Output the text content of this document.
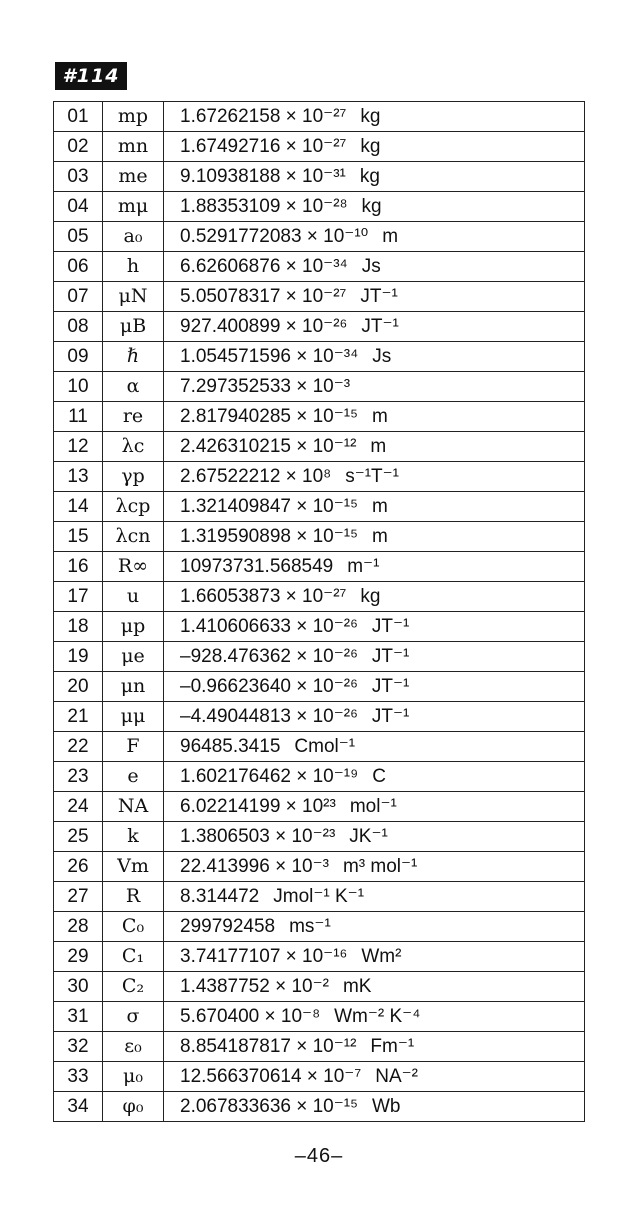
#114
01	mp	1.67262158 × 10⁻²⁷ kg
02	mn	1.67492716 × 10⁻²⁷ kg
03	me	9.10938188 × 10⁻³¹ kg
04	mμ	1.88353109 × 10⁻²⁸ kg
05	a₀	0.5291772083 × 10⁻¹⁰ m
06	h	6.62606876 × 10⁻³⁴ Js
07	μN	5.05078317 × 10⁻²⁷ JT⁻¹
08	μB	927.400899 × 10⁻²⁶ JT⁻¹
09	ℏ	1.054571596 × 10⁻³⁴ Js
10	α	7.297352533 × 10⁻³
11	re	2.817940285 × 10⁻¹⁵ m
12	λc	2.426310215 × 10⁻¹² m
13	γp	2.67522212 × 10⁸ s⁻¹T⁻¹
14	λcp	1.321409847 × 10⁻¹⁵ m
15	λcn	1.319590898 × 10⁻¹⁵ m
16	R∞	10973731.568549 m⁻¹
17	u	1.66053873 × 10⁻²⁷ kg
18	μp	1.410606633 × 10⁻²⁶ JT⁻¹
19	μe	–928.476362 × 10⁻²⁶ JT⁻¹
20	μn	–0.96623640 × 10⁻²⁶ JT⁻¹
21	μμ	–4.49044813 × 10⁻²⁶ JT⁻¹
22	F	96485.3415 Cmol⁻¹
23	e	1.602176462 × 10⁻¹⁹ C
24	NA	6.02214199 × 10²³ mol⁻¹
25	k	1.3806503 × 10⁻²³ JK⁻¹
26	Vm	22.413996 × 10⁻³ m³ mol⁻¹
27	R	8.314472 Jmol⁻¹ K⁻¹
28	C₀	299792458 ms⁻¹
29	C₁	3.74177107 × 10⁻¹⁶ Wm²
30	C₂	1.4387752 × 10⁻² mK
31	σ	5.670400 × 10⁻⁸ Wm⁻² K⁻⁴
32	ε₀	8.854187817 × 10⁻¹² Fm⁻¹
33	μ₀	12.566370614 × 10⁻⁷ NA⁻²
34	φ₀	2.067833636 × 10⁻¹⁵ Wb
–46–
